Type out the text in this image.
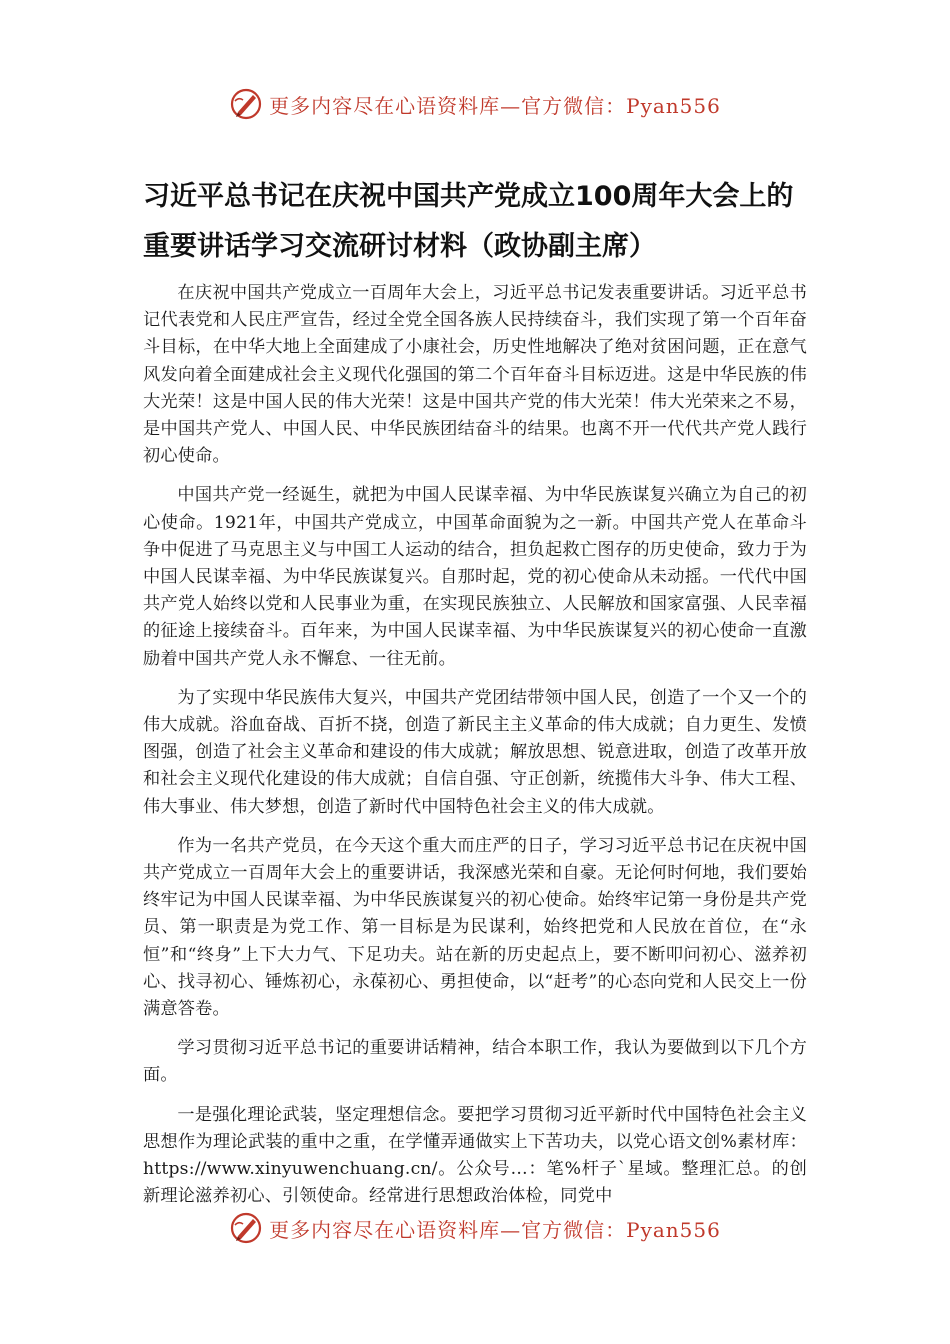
更多内容尽在心语资料库—官方微信：Pyan556
习近平总书记在庆祝中国共产党成立100周年大会上的重要讲话学习交流研讨材料（政协副主席）

在庆祝中国共产党成立一百周年大会上，习近平总书记发表重要讲话。习近平总书记代表党和人民庄严宣告，经过全党全国各族人民持续奋斗，我们实现了第一个百年奋斗目标，在中华大地上全面建成了小康社会，历史性地解决了绝对贫困问题，正在意气风发向着全面建成社会主义现代化强国的第二个百年奋斗目标迈进。这是中华民族的伟大光荣！这是中国人民的伟大光荣！这是中国共产党的伟大光荣！伟大光荣来之不易，是中国共产党人、中国人民、中华民族团结奋斗的结果。也离不开一代代共产党人践行初心使命。

中国共产党一经诞生，就把为中国人民谋幸福、为中华民族谋复兴确立为自己的初心使命。1921年，中国共产党成立，中国革命面貌为之一新。中国共产党人在革命斗争中促进了马克思主义与中国工人运动的结合，担负起救亡图存的历史使命，致力于为中国人民谋幸福、为中华民族谋复兴。自那时起，党的初心使命从未动摇。一代代中国共产党人始终以党和人民事业为重，在实现民族独立、人民解放和国家富强、人民幸福的征途上接续奋斗。百年来，为中国人民谋幸福、为中华民族谋复兴的初心使命一直激励着中国共产党人永不懈怠、一往无前。

为了实现中华民族伟大复兴，中国共产党团结带领中国人民，创造了一个又一个的伟大成就。浴血奋战、百折不挠，创造了新民主主义革命的伟大成就；自力更生、发愤图强，创造了社会主义革命和建设的伟大成就；解放思想、锐意进取，创造了改革开放和社会主义现代化建设的伟大成就；自信自强、守正创新，统揽伟大斗争、伟大工程、伟大事业、伟大梦想，创造了新时代中国特色社会主义的伟大成就。

作为一名共产党员，在今天这个重大而庄严的日子，学习习近平总书记在庆祝中国共产党成立一百周年大会上的重要讲话，我深感光荣和自豪。无论何时何地，我们要始终牢记为中国人民谋幸福、为中华民族谋复兴的初心使命。始终牢记第一身份是共产党员、第一职责是为党工作、第一目标是为民谋利，始终把党和人民放在首位，在“永恒”和“终身”上下大力气、下足功夫。站在新的历史起点上，要不断叩问初心、滋养初心、找寻初心、锤炼初心，永葆初心、勇担使命，以“赶考”的心态向党和人民交上一份满意答卷。

学习贯彻习近平总书记的重要讲话精神，结合本职工作，我认为要做到以下几个方面。

一是强化理论武装，坚定理想信念。要把学习贯彻习近平新时代中国特色社会主义思想作为理论武装的重中之重，在学懂弄通做实上下苦功夫，以党心语文创%素材库：https://www.xinyuwenchuang.cn/。公众号…：笔%杆子`星域。整理汇总。的创新理论滋养初心、引领使命。经常进行思想政治体检，同党中

更多内容尽在心语资料库—官方微信：Pyan556
